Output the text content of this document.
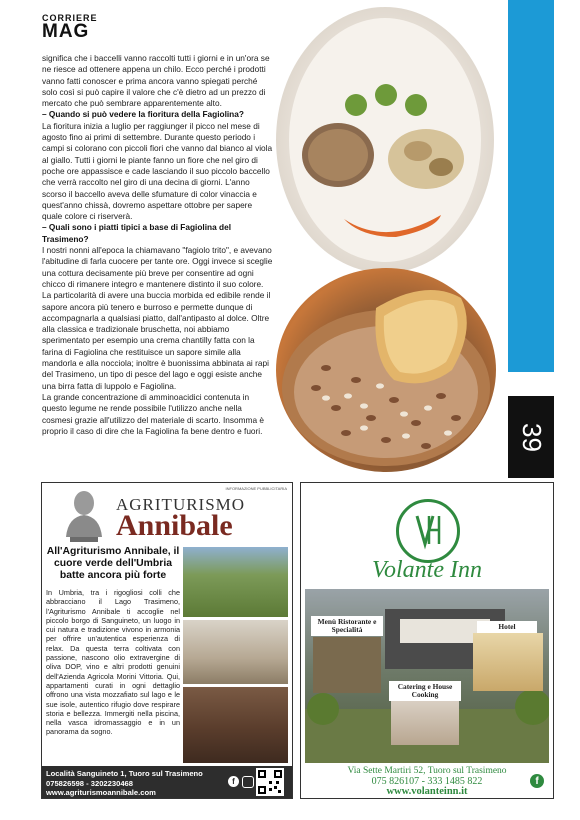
CORRIERE
MAG
39

significa che i baccelli vanno raccolti tutti i giorni e in un'ora se ne riesce ad ottenere appena un chilo. Ecco perché i prodotti vanno fatti conoscer e prima ancora vanno spiegati perché solo così si può capire il valore che c'è dietro ad un prezzo di mercato che può sembrare apparentemente alto.

– Quando si può vedere la fioritura della Fagiolina?

La fioritura inizia a luglio per raggiunger il picco nel mese di agosto fino ai primi di settembre. Durante questo periodo i campi si colorano con piccoli fiori che vanno dal bianco al viola al giallo. Tutti i giorni le piante fanno un fiore che nel giro di poche ore appassisce e cade lasciando il suo piccolo baccello che verrà raccolto nel giro di una decina di giorni. L'anno scorso il baccello aveva delle sfumature di color vinaccia e quest'anno chissà, dovremo aspettare ottobre per sapere quale colore ci riserverà.

– Quali sono i piatti tipici a base di Fagiolina del Trasimeno?

I nostri nonni all'epoca la chiamavano "fagiolo trito", e avevano l'abitudine di farla cuocere per tante ore. Oggi invece si sceglie una cottura decisamente più breve per consentire ad ogni chicco di rimanere integro e mantenere distinto il suo colore. La particolarità di avere una buccia morbida ed edibile rende il sapore ancora più tenero e burroso e permette dunque di accompagnarla a qualsiasi piatto, dall'antipasto al dolce. Oltre alla classica e tradizionale bruschetta, noi abbiamo sperimentato per esempio una crema chantilly fatta con la farina di Fagiolina che restituisce un sapore simile alla mandorla e alla nocciola; inoltre è buonissima abbinata ai rapi del Trasimeno, un tipo di pesce del lago e oggi esiste anche una birra fatta di luppolo e Fagiolina.

La grande concentrazione di amminoacidici contenuta in questo legume ne rende possibile l'utilizzo anche nella cosmesi grazie all'utilizzo del materiale di scarto. Insomma è proprio il caso di dire che la Fagiolina fa bene dentro e fuori.

INFORMAZIONE PUBBLICITARIA
AGRITURISMO
Annibale
All'Agriturismo Annibale, il cuore verde dell'Umbria batte ancora più forte
In Umbria, tra i rigogliosi colli che abbracciano il Lago Trasimeno, l'Agriturismo Annibale ti accoglie nel piccolo borgo di Sanguineto, un luogo in cui natura e tradizione vivono in armonia per offrire un'autentica esperienza di relax. Da questa terra coltivata con passione, nascono olio extravergine di oliva DOP, vino e altri prodotti genuini dell'Azienda Agricola Morini Vittoria. Qui, appartamenti curati in ogni dettaglio offrono una vista mozzafiato sul lago e le sue isole, autentico rifugio dove respirare storia e bellezza. Immergiti nella piscina, nella vasca idromassaggio e in un panorama da sogno.
Località Sanguineto 1, Tuoro sul Trasimeno
075826598 - 3202230468
www.agriturismoannibale.com
f
Volante Inn
Menù Ristorante e Specialità	Hotel
Catering e House Cooking
Via Sette Martiri 52, Tuoro sul Trasimeno
075 826107 - 333 1485 822
www.volanteinn.it
f
